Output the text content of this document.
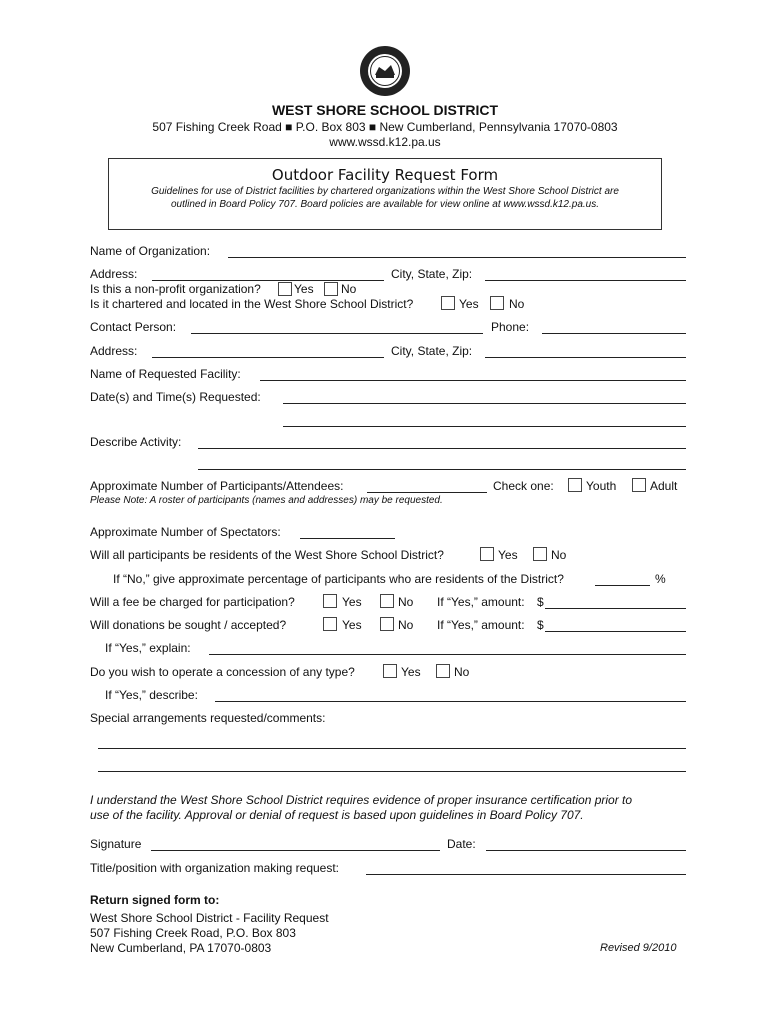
WEST SHORE SCHOOL DISTRICT
507 Fishing Creek Road ■ P.O. Box 803 ■ New Cumberland, Pennsylvania 17070-0803
www.wssd.k12.pa.us
Outdoor Facility Request Form
Guidelines for use of District facilities by chartered organizations within the West Shore School District are
outlined in Board Policy 707. Board policies are available for view online at www.wssd.k12.pa.us.
Name of Organization:
Address:	City, State, Zip:
Is this a non-profit organization?	Yes No
Is it chartered and located in the West Shore School District?	Yes	No
Contact Person:	Phone:
Address:	City, State, Zip:
Name of Requested Facility:
Date(s) and Time(s) Requested:
Describe Activity:
Approximate Number of Participants/Attendees:	Check one:	Youth	Adult
Please Note: A roster of participants (names and addresses) may be requested.
Approximate Number of Spectators:
Will all participants be residents of the West Shore School District?	Yes	No
If “No,” give approximate percentage of participants who are residents of the District?	%
Will a fee be charged for participation?	Yes	No If “Yes,” amount: $
Will donations be sought / accepted?	Yes	No If “Yes,” amount: $
If “Yes,” explain:
Do you wish to operate a concession of any type?	Yes	No
If “Yes,” describe:
Special arrangements requested/comments:
I understand the West Shore School District requires evidence of proper insurance certification prior to
use of the facility. Approval or denial of request is based upon guidelines in Board Policy 707.
Signature	Date:
Title/position with organization making request:
Return signed form to:
West Shore School District - Facility Request
507 Fishing Creek Road, P.O. Box 803
New Cumberland, PA 17070-0803	Revised 9/2010
